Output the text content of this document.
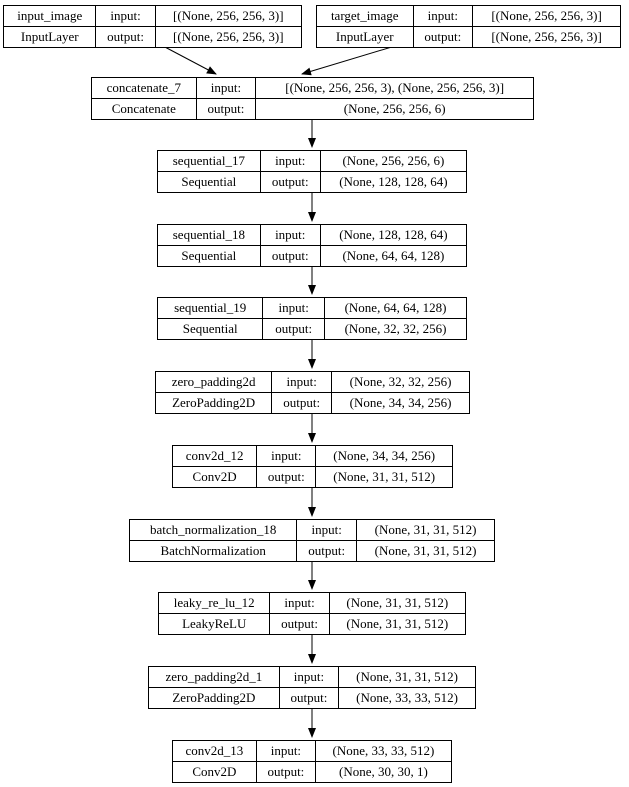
input_image	input:	[(None, 256, 256, 3)]
InputLayer	output:	[(None, 256, 256, 3)]
target_image	input:	[(None, 256, 256, 3)]
InputLayer	output:	[(None, 256, 256, 3)]
concatenate_7	input:	[(None, 256, 256, 3), (None, 256, 256, 3)]
Concatenate	output:	(None, 256, 256, 6)
sequential_17	input:	(None, 256, 256, 6)
Sequential	output:	(None, 128, 128, 64)
sequential_18	input:	(None, 128, 128, 64)
Sequential	output:	(None, 64, 64, 128)
sequential_19	input:	(None, 64, 64, 128)
Sequential	output:	(None, 32, 32, 256)
zero_padding2d	input:	(None, 32, 32, 256)
ZeroPadding2D	output:	(None, 34, 34, 256)
conv2d_12	input:	(None, 34, 34, 256)
Conv2D	output:	(None, 31, 31, 512)
batch_normalization_18	input:	(None, 31, 31, 512)
BatchNormalization	output:	(None, 31, 31, 512)
leaky_re_lu_12	input:	(None, 31, 31, 512)
LeakyReLU	output:	(None, 31, 31, 512)
zero_padding2d_1	input:	(None, 31, 31, 512)
ZeroPadding2D	output:	(None, 33, 33, 512)
conv2d_13	input:	(None, 33, 33, 512)
Conv2D	output:	(None, 30, 30, 1)
